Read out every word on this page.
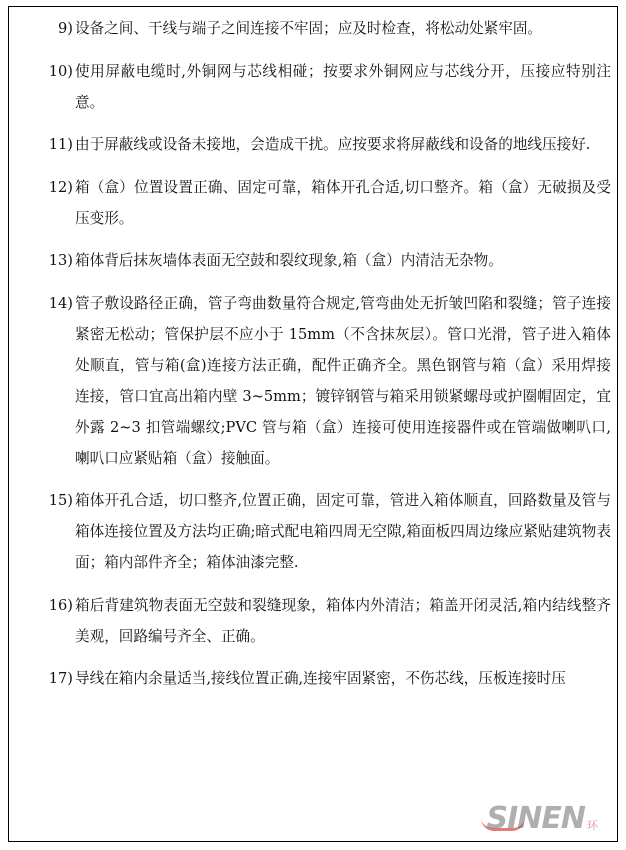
9) 设备之间、干线与端子之间连接不牢固；应及时检查，将松动处紧牢固。
10) 使用屏蔽电缆时,外铜网与芯线相碰；按要求外铜网应与芯线分开，压接应特别注意。
11) 由于屏蔽线或设备未接地，会造成干扰。应按要求将屏蔽线和设备的地线压接好.
12) 箱（盒）位置设置正确、固定可靠，箱体开孔合适,切口整齐。箱（盒）无破损及受压变形。
13) 箱体背后抹灰墙体表面无空鼓和裂纹现象,箱（盒）内清洁无杂物。
14) 管子敷设路径正确，管子弯曲数量符合规定,管弯曲处无折皱凹陷和裂缝；管子连接紧密无松动；管保护层不应小于 15mm（不含抹灰层）。管口光滑，管子进入箱体处顺直，管与箱(盒)连接方法正确，配件正确齐全。黑色钢管与箱（盒）采用焊接连接，管口宜高出箱内壁 3~5mm；镀锌钢管与箱采用锁紧螺母或护圈帽固定，宜外露 2~3 扣管端螺纹;PVC 管与箱（盒）连接可使用连接器件或在管端做喇叭口,喇叭口应紧贴箱（盒）接触面。
15) 箱体开孔合适，切口整齐,位置正确，固定可靠，管进入箱体顺直，回路数量及管与箱体连接位置及方法均正确;暗式配电箱四周无空隙,箱面板四周边缘应紧贴建筑物表面；箱内部件齐全；箱体油漆完整.
16) 箱后背建筑物表面无空鼓和裂缝现象，箱体内外清洁；箱盖开闭灵活,箱内结线整齐美观，回路编号齐全、正确。
17) 导线在箱内余量适当,接线位置正确,连接牢固紧密，不伤芯线，压板连接时压
SINEN 环
